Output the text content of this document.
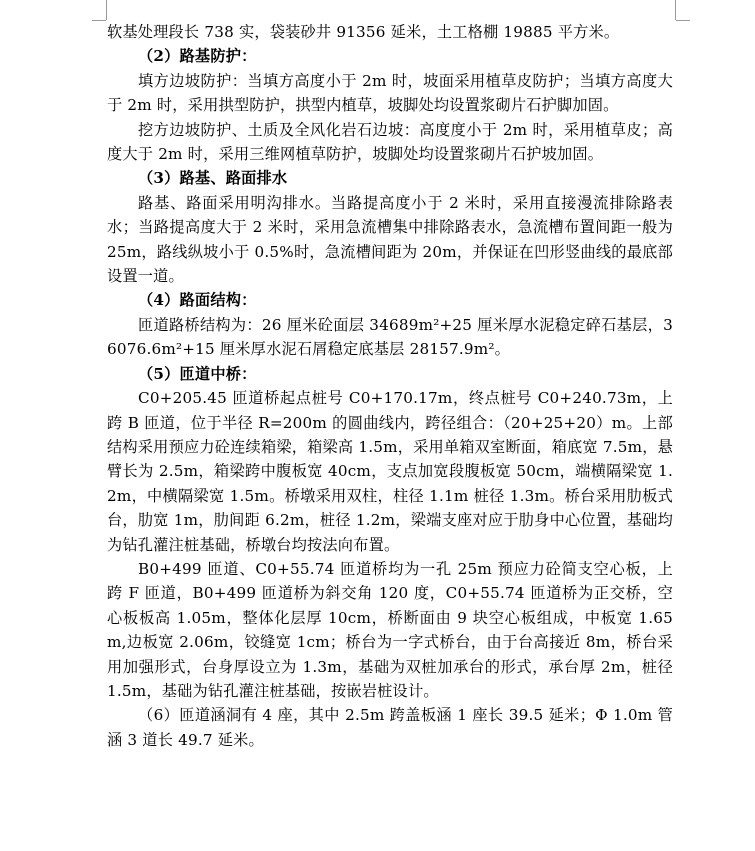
软基处理段长 738 实，袋装砂井 91356 延米，土工格棚 19885 平方米。

（2）路基防护：

填方边坡防护：当填方高度小于 2m 时，坡面采用植草皮防护；当填方高度大于 2m 时，采用拱型防护，拱型内植草，坡脚处均设置浆砌片石护脚加固。

挖方边坡防护、土质及全风化岩石边坡：高度度小于 2m 时，采用植草皮；高度大于 2m 时，采用三维网植草防护，坡脚处均设置浆砌片石护坡加固。

（3）路基、路面排水

路基、路面采用明沟排水。当路提高度小于 2 米时，采用直接漫流排除路表水；当路提高度大于 2 米时，采用急流槽集中排除路表水，急流槽布置间距一般为 25m，路线纵坡小于 0.5%时，急流槽间距为 20m，并保证在凹形竖曲线的最底部设置一道。

（4）路面结构：

匝道路桥结构为：26 厘米砼面层 34689m²+25 厘米厚水泥稳定碎石基层，36076.6m²+15 厘米厚水泥石屑稳定底基层 28157.9m²。

（5）匝道中桥：

C0+205.45 匝道桥起点桩号 C0+170.17m，终点桩号 C0+240.73m，上跨 B 匝道，位于半径 R=200m 的圆曲线内，跨径组合：（20+25+20）m。上部结构采用预应力砼连续箱梁，箱梁高 1.5m，采用单箱双室断面，箱底宽 7.5m，悬臂长为 2.5m，箱梁跨中腹板宽 40cm，支点加宽段腹板宽 50cm，端横隔梁宽 1.2m，中横隔梁宽 1.5m。桥墩采用双柱，柱径 1.1m 桩径 1.3m。桥台采用肋板式台，肋宽 1m，肋间距 6.2m，桩径 1.2m，梁端支座对应于肋身中心位置，基础均为钻孔灌注桩基础，桥墩台均按法向布置。

B0+499 匝道、C0+55.74 匝道桥均为一孔 25m 预应力砼简支空心板，上跨 F 匝道，B0+499 匝道桥为斜交角 120 度，C0+55.74 匝道桥为正交桥，空心板板高 1.05m，整体化层厚 10cm，桥断面由 9 块空心板组成，中板宽 1.65m,边板宽 2.06m，铰缝宽 1cm；桥台为一字式桥台，由于台高接近 8m，桥台采用加强形式，台身厚设立为 1.3m，基础为双桩加承台的形式，承台厚 2m，桩径 1.5m，基础为钻孔灌注桩基础，按嵌岩桩设计。

（6）匝道涵洞有 4 座，其中 2.5m 跨盖板涵 1 座长 39.5 延米；Φ 1.0m 管涵 3 道长 49.7 延米。
